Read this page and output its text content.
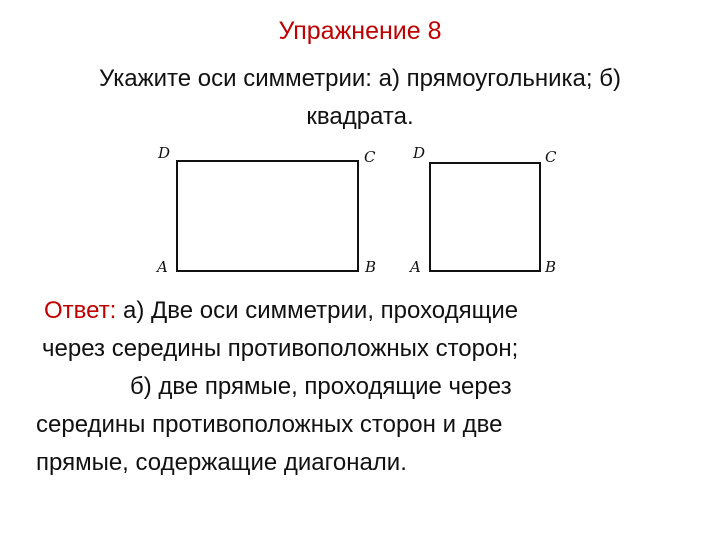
Упражнение 8
Укажите оси симметрии: а) прямоугольника; б)
квадрата.
D	C
A	B
D	C
A	B
Ответ: а) Две оси симметрии, проходящие
через середины противоположных сторон;
б) две прямые, проходящие через
середины противоположных сторон и две
прямые, содержащие диагонали.
